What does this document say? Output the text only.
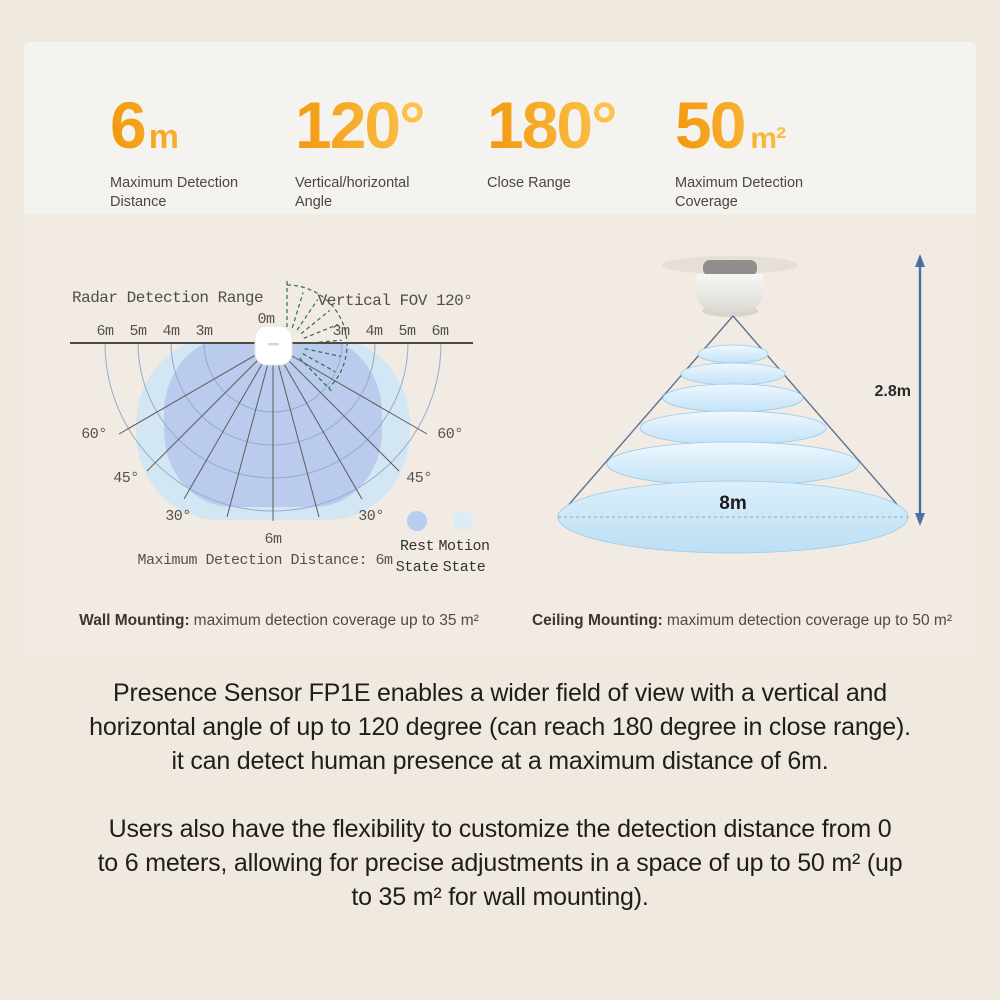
6 m
Maximum Detection
Distance
120°
Vertical/horizontal
Angle
180°
Close Range
50 m²
Maximum Detection
Coverage
Radar Detection Range	Vertical FOV 120°
0m
6m 5m 4m 3m	3m 4m 5m 6m
60°	60°
45°	45°
30°	30°
6m
Maximum Detection Distance: 6m
Rest
State
Motion
State
8m
2.8m
Wall Mounting: maximum detection coverage up to 35 m²	Ceiling Mounting: maximum detection coverage up to 50 m²
Presence Sensor FP1E enables a wider field of view with a vertical and
horizontal angle of up to 120 degree (can reach 180 degree in close range).
it can detect human presence at a maximum distance of 6m.
Users also have the flexibility to customize the detection distance from 0
to 6 meters, allowing for precise adjustments in a space of up to 50 m² (up
to 35 m² for wall mounting).
